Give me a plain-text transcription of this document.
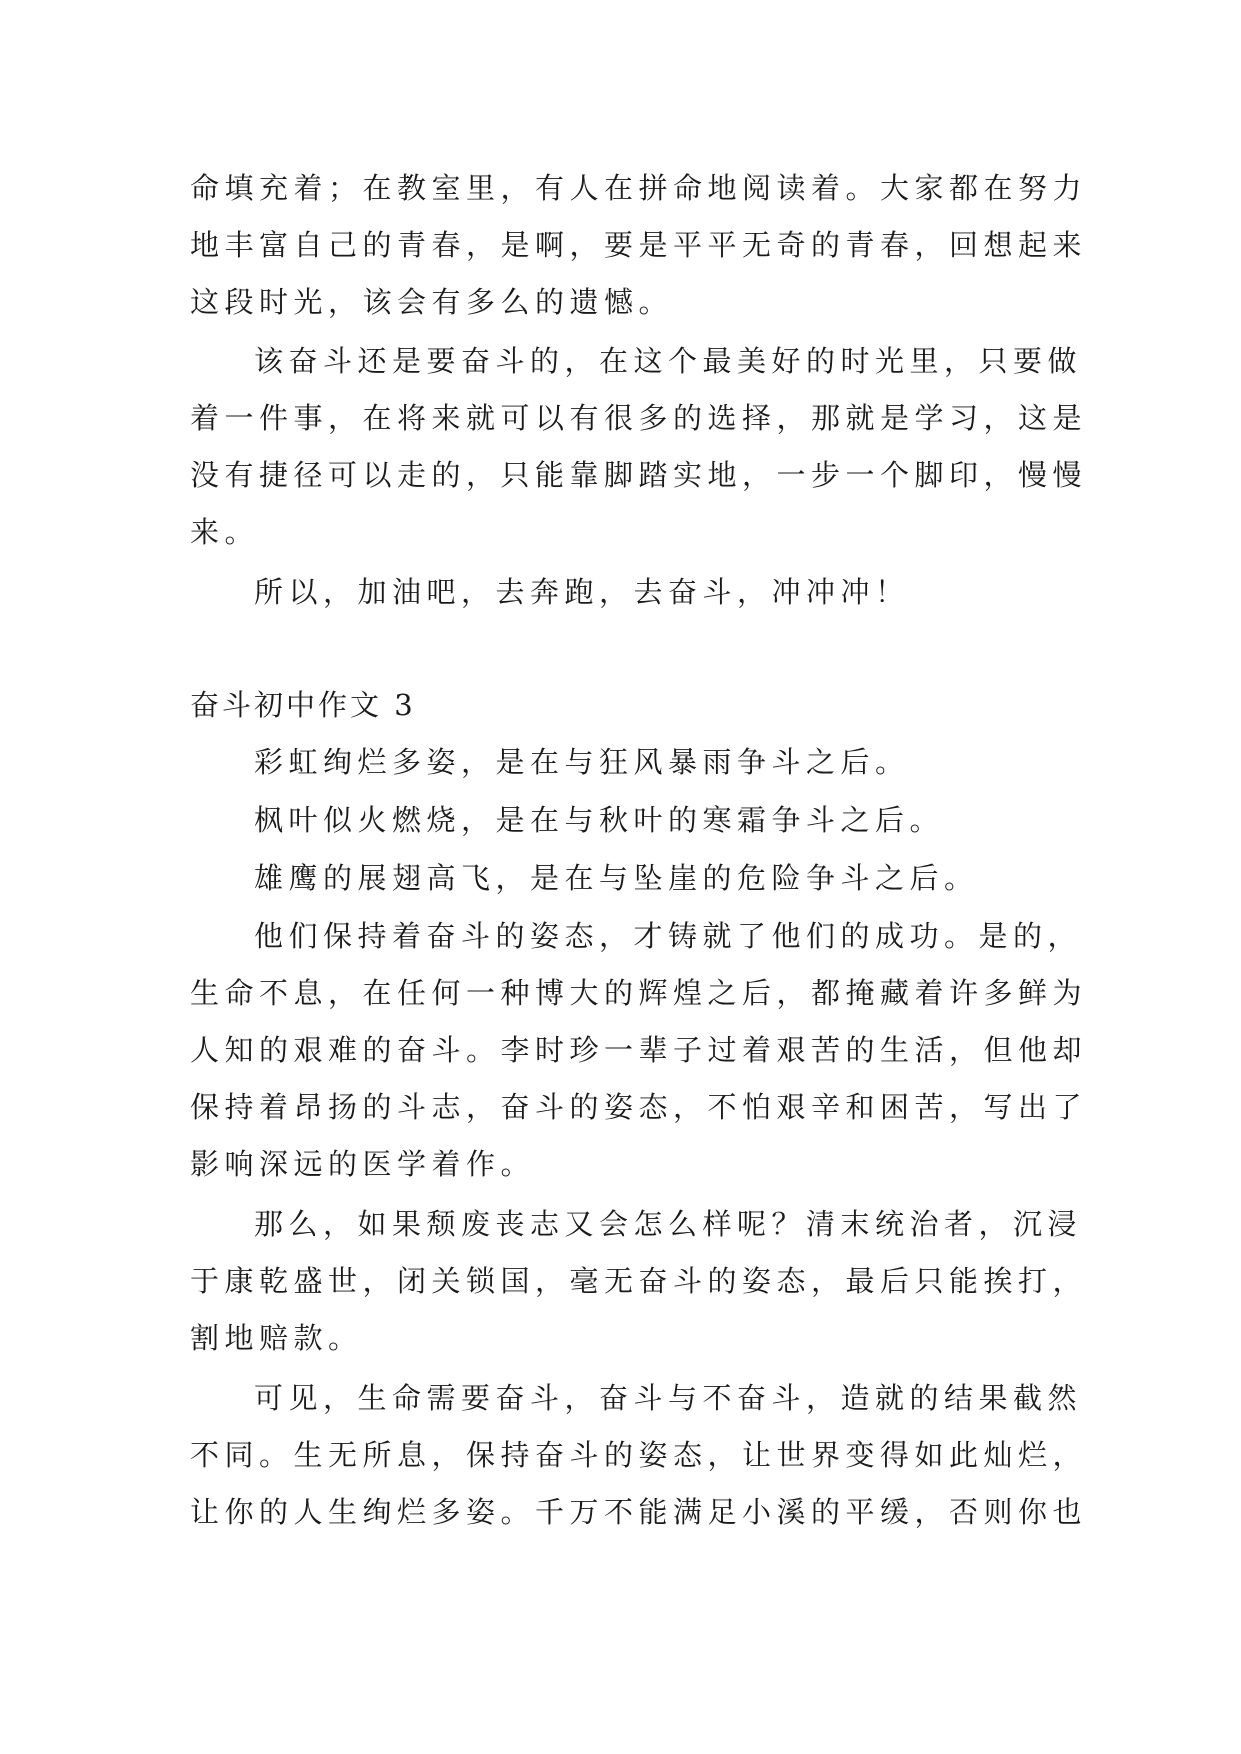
命填充着；在教室里，有人在拼命地阅读着。大家都在努力
地丰富自己的青春，是啊，要是平平无奇的青春，回想起来
这段时光，该会有多么的遗憾。
该奋斗还是要奋斗的，在这个最美好的时光里，只要做
着一件事，在将来就可以有很多的选择，那就是学习，这是
没有捷径可以走的，只能靠脚踏实地，一步一个脚印，慢慢
来。
所以，加油吧，去奔跑，去奋斗，冲冲冲！
奋斗初中作文 3
彩虹绚烂多姿，是在与狂风暴雨争斗之后。
枫叶似火燃烧，是在与秋叶的寒霜争斗之后。
雄鹰的展翅高飞，是在与坠崖的危险争斗之后。
他们保持着奋斗的姿态，才铸就了他们的成功。是的，
生命不息，在任何一种博大的辉煌之后，都掩藏着许多鲜为
人知的艰难的奋斗。李时珍一辈子过着艰苦的生活，但他却
保持着昂扬的斗志，奋斗的姿态，不怕艰辛和困苦，写出了
影响深远的医学着作。
那么，如果颓废丧志又会怎么样呢？清末统治者，沉浸
于康乾盛世，闭关锁国，毫无奋斗的姿态，最后只能挨打，
割地赔款。
可见，生命需要奋斗，奋斗与不奋斗，造就的结果截然
不同。生无所息，保持奋斗的姿态，让世界变得如此灿烂，
让你的人生绚烂多姿。千万不能满足小溪的平缓，否则你也
